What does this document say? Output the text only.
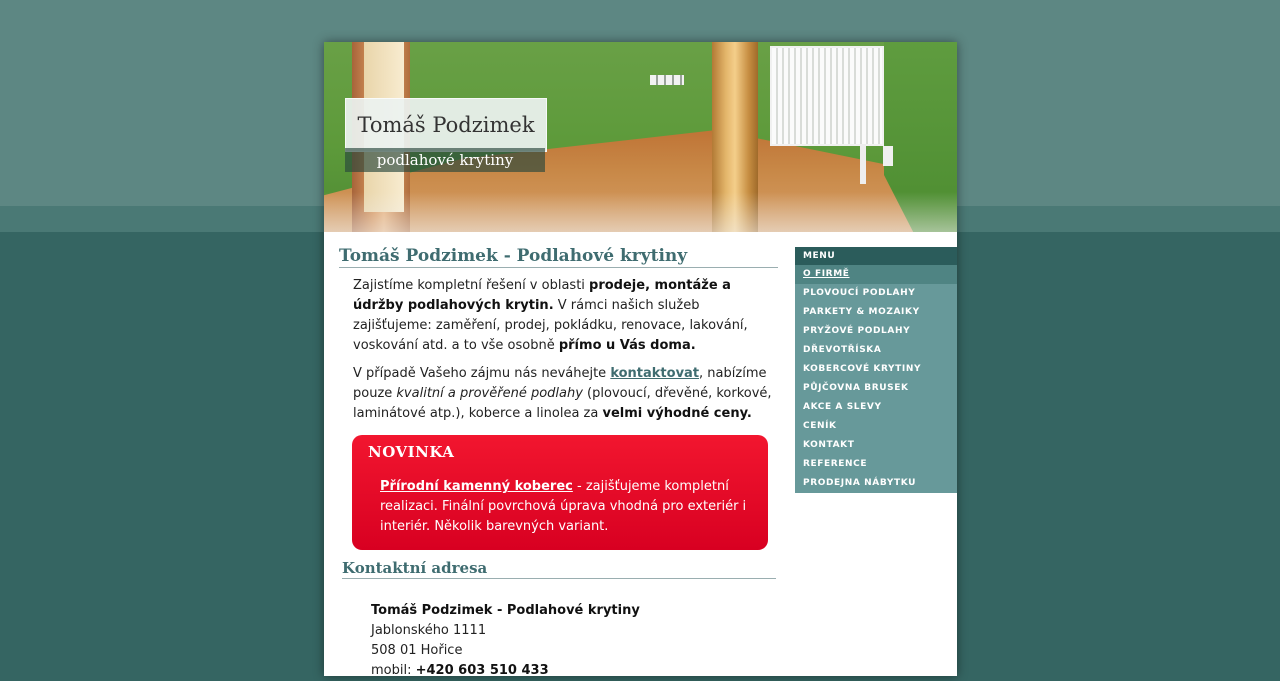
Tomáš Podzimek
podlahové krytiny
Tomáš Podzimek - Podlahové krytiny
Zajistíme kompletní řešení v oblasti prodeje, montáže a údržby podlahových krytin. V rámci našich služeb zajišťujeme: zaměření, prodej, pokládku, renovace, lakování, voskování atd. a to vše osobně přímo u Vás doma.
V případě Vašeho zájmu nás neváhejte kontaktovat, nabízíme pouze kvalitní a prověřené podlahy (plovoucí, dřevěné, korkové, laminátové atp.), koberce a linolea za velmi výhodné ceny.
NOVINKA
Přírodní kamenný koberec - zajišťujeme kompletní realizaci. Finální povrchová úprava vhodná pro exteriér i interiér. Několik barevných variant.
Kontaktní adresa
Tomáš Podzimek - Podlahové krytiny
Jablonského 1111
508 01 Hořice
mobil: +420 603 510 433
MENU
O FIRMĚ
PLOVOUCÍ PODLAHY
PARKETY & MOZAIKY
PRYŽOVÉ PODLAHY
DŘEVOTŘÍSKA
KOBERCOVÉ KRYTINY
PŮJČOVNA BRUSEK
AKCE A SLEVY
CENÍK
KONTAKT
REFERENCE
PRODEJNA NÁBYTKU
